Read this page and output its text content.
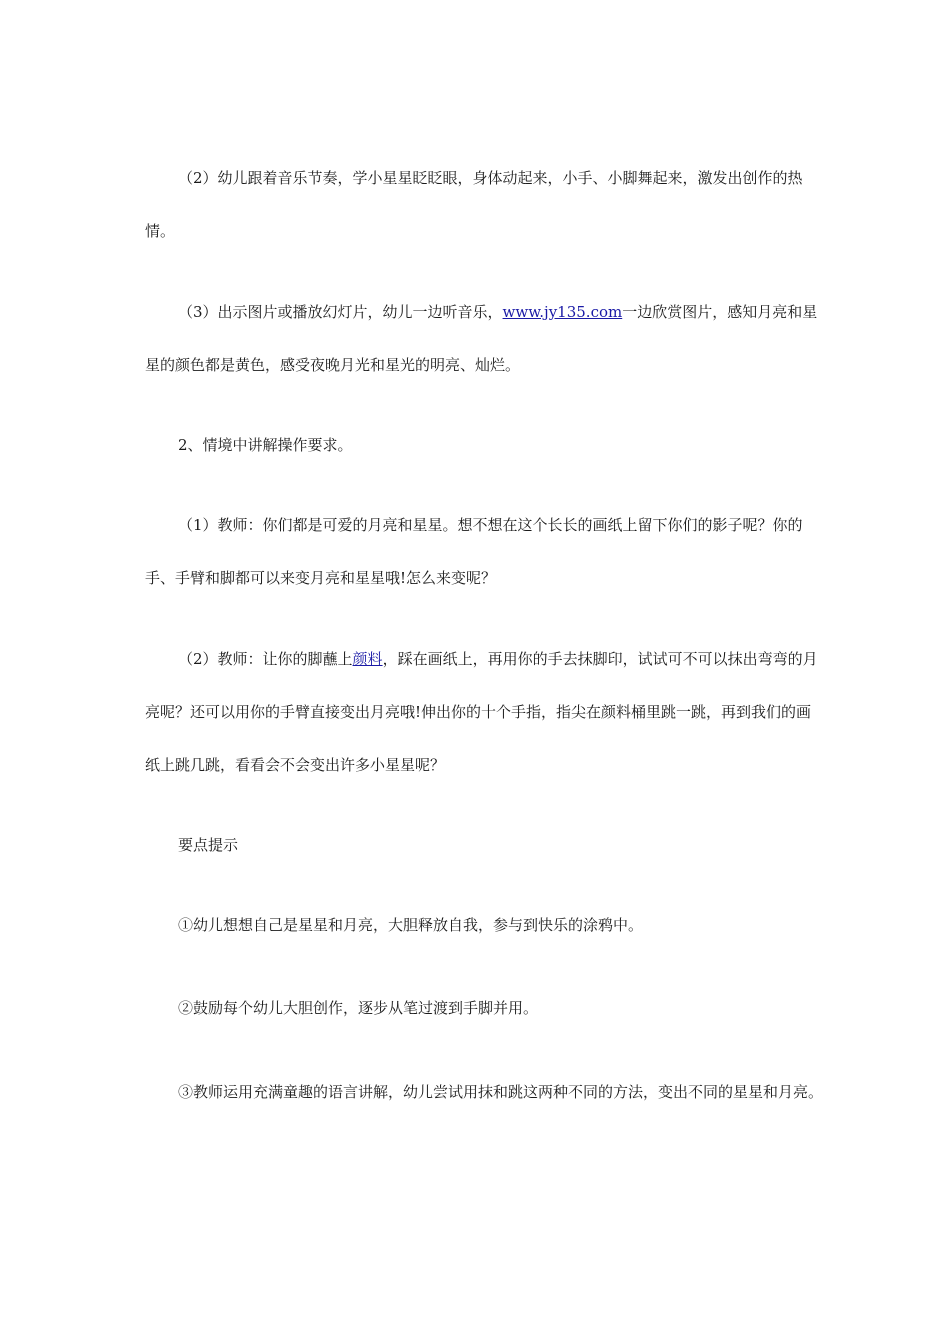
（2）幼儿跟着音乐节奏，学小星星眨眨眼，身体动起来，小手、小脚舞起来，激发出创作的热情。

（3）出示图片或播放幻灯片，幼儿一边听音乐，www.jy135.com一边欣赏图片，感知月亮和星星的颜色都是黄色，感受夜晚月光和星光的明亮、灿烂。

2、情境中讲解操作要求。

（1）教师：你们都是可爱的月亮和星星。想不想在这个长长的画纸上留下你们的影子呢？你的手、手臂和脚都可以来变月亮和星星哦!怎么来变呢？

（2）教师：让你的脚蘸上颜料，踩在画纸上，再用你的手去抹脚印，试试可不可以抹出弯弯的月亮呢？还可以用你的手臂直接变出月亮哦!伸出你的十个手指，指尖在颜料桶里跳一跳，再到我们的画纸上跳几跳，看看会不会变出许多小星星呢？

要点提示

①幼儿想想自己是星星和月亮，大胆释放自我，参与到快乐的涂鸦中。

②鼓励每个幼儿大胆创作，逐步从笔过渡到手脚并用。

③教师运用充满童趣的语言讲解，幼儿尝试用抹和跳这两种不同的方法，变出不同的星星和月亮。
